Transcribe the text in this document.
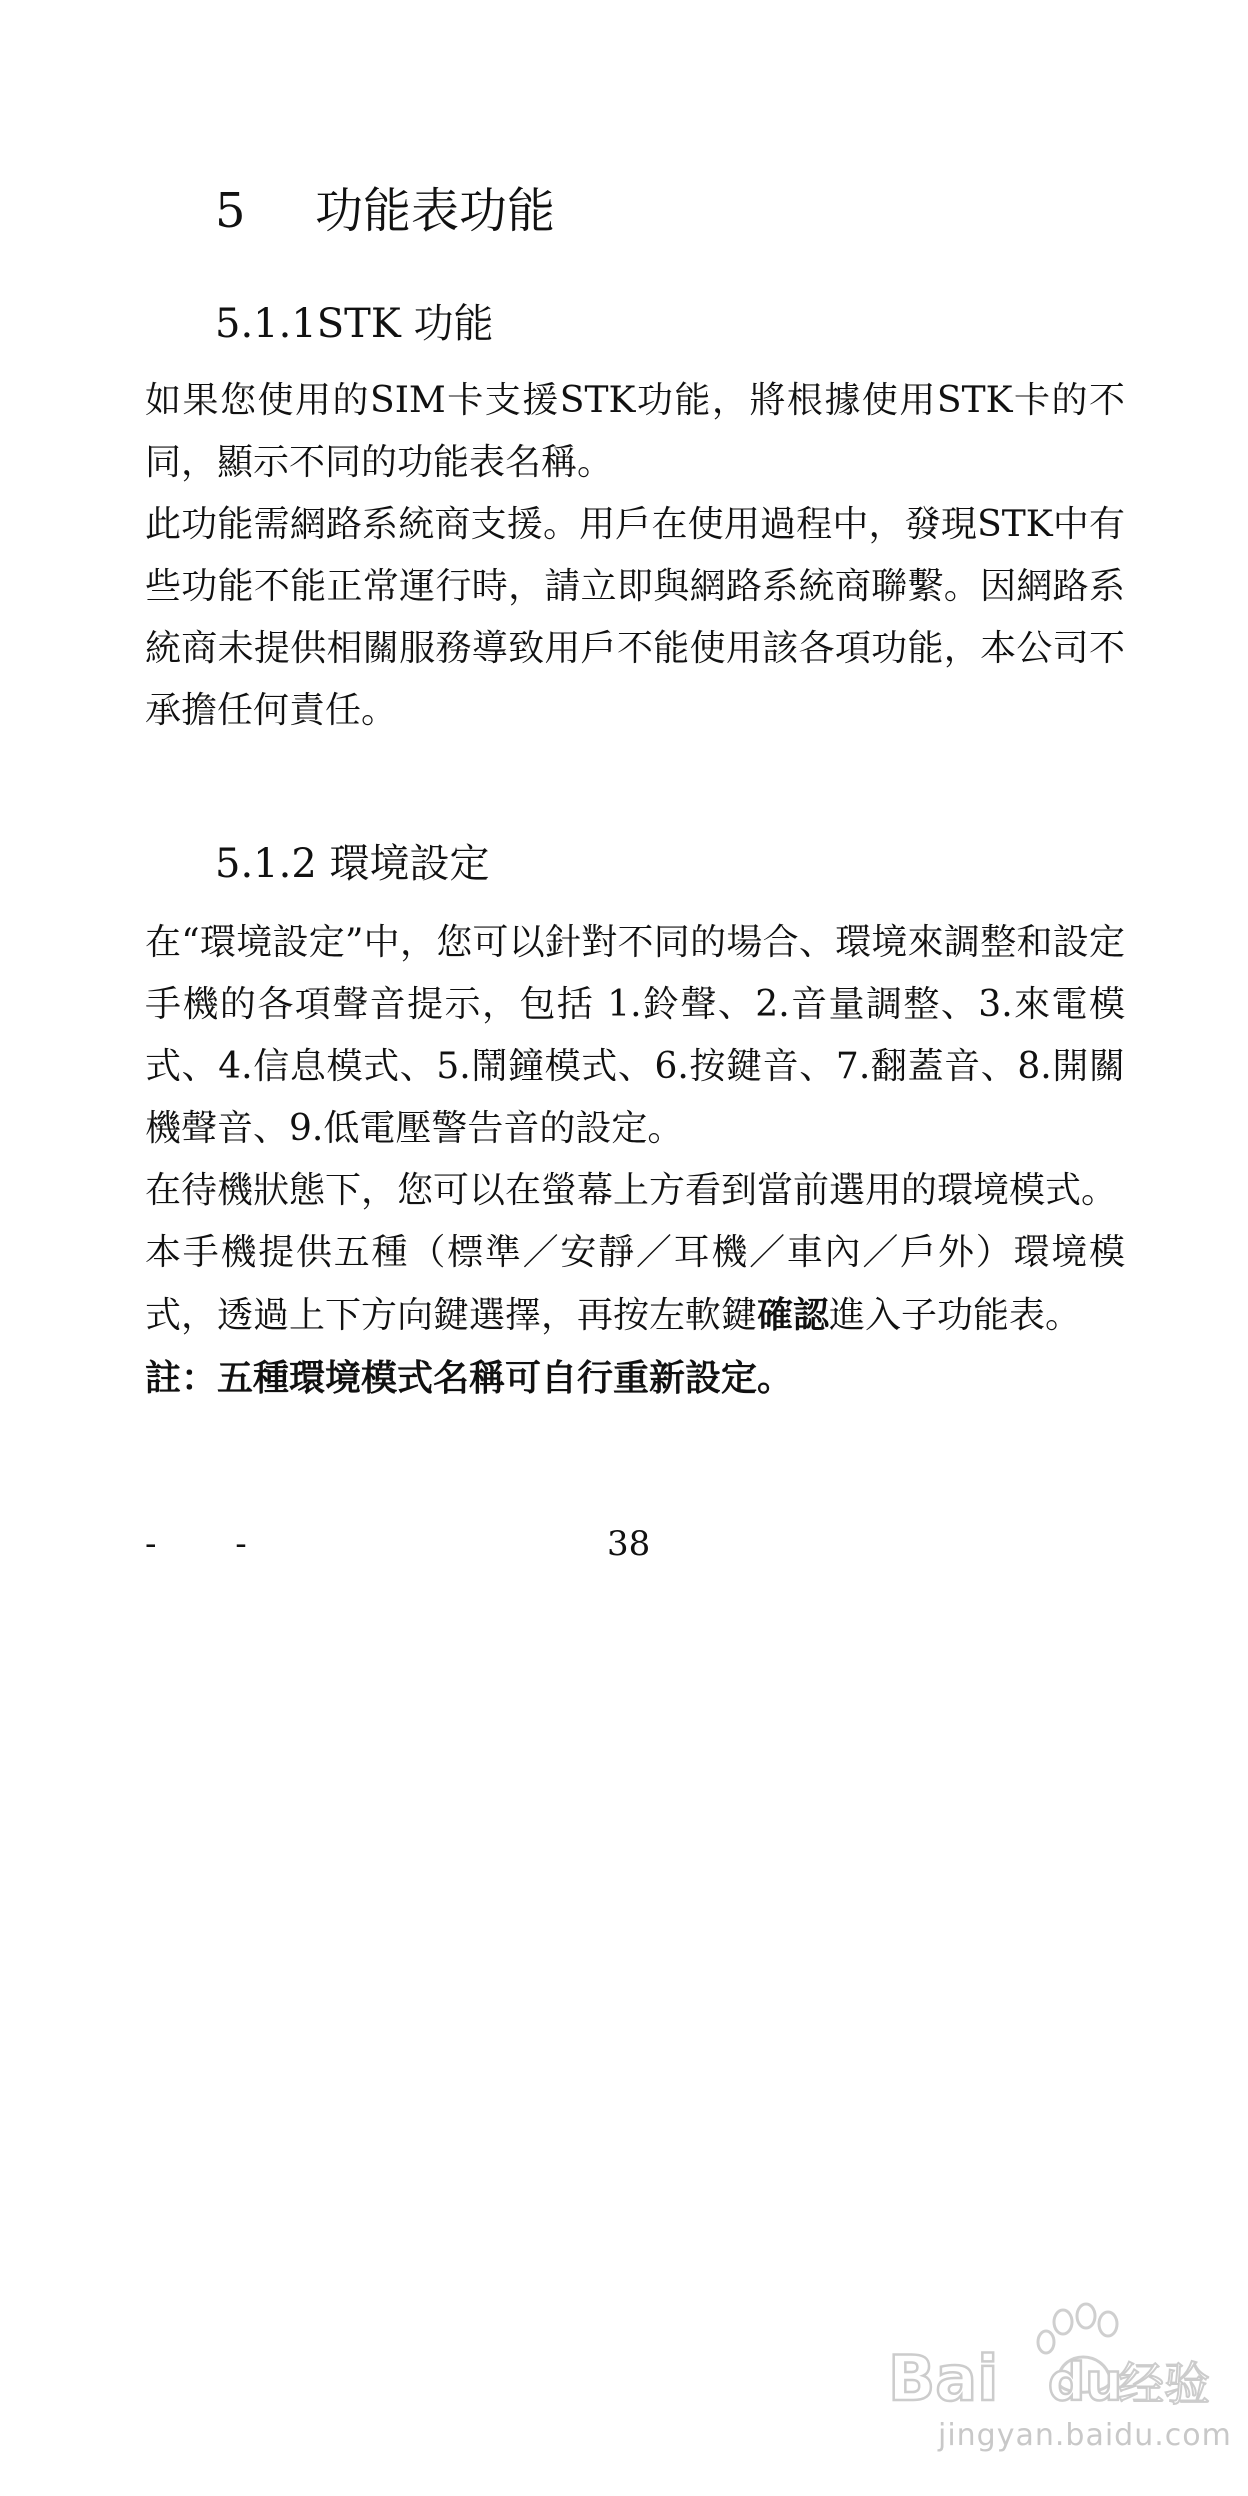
5 功能表功能
5.1.1STK 功能

如果您使用的SIM卡支援STK功能，將根據使用STK卡的不同，顯示不同的功能表名稱。

此功能需網路系統商支援。用戶在使用過程中，發現STK中有些功能不能正常運行時，請立即與網路系統商聯繫。因網路系統商未提供相關服務導致用戶不能使用該各項功能，本公司不承擔任何責任。

5.1.2 環境設定

在“環境設定”中，您可以針對不同的場合、環境來調整和設定手機的各項聲音提示，包括 1.鈴聲、2.音量調整、3.來電模式、4.信息模式、5.鬧鐘模式、6.按鍵音、7.翻蓋音、8.開關機聲音、9.低電壓警告音的設定。

在待機狀態下，您可以在螢幕上方看到當前選用的環境模式。

本手機提供五種（標準／安靜／耳機／車內／戶外）環境模式，透過上下方向鍵選擇，再按左軟鍵確認進入子功能表。

註：五種環境模式名稱可自行重新設定。

- -	38
Bai du
经验
jingyan.baidu.com
